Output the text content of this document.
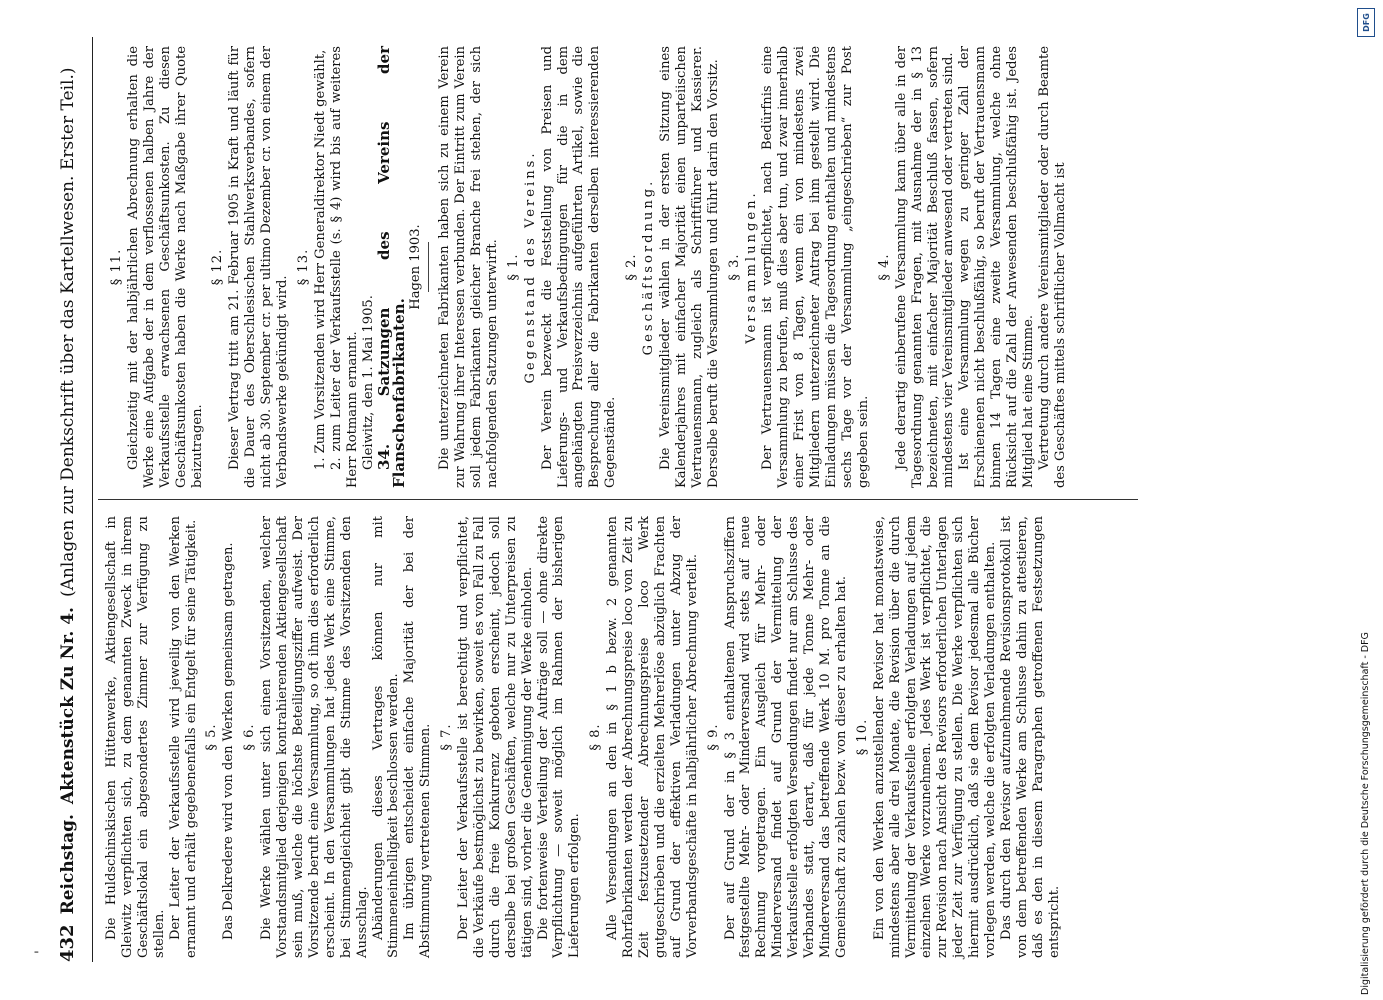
' 432
Reichstag.
Aktenstück Zu Nr. 4.
(Anlagen zur Denkschrift über das Kartellwesen. Erster Teil.)

Die Huldschinskischen Hüttenwerke, Aktiengesellschaft in Gleiwitz verpflichten sich, zu dem genannten Zweck in ihrem Geschäftslokal ein abgesondertes Zimmer zur Verfügung zu stellen. Der Leiter der Verkaufsstelle wird jeweilig von den Werken ernannt und erhält gegebenenfalls ein Entgelt für seine Tätigkeit. § 5. Das Delkredere wird von den Werken gemeinsam getragen. § 6. Die Werke wählen unter sich einen Vorsitzenden, welcher Vorstandsmitglied derjenigen kontrahierenden Aktiengesellschaft sein muß, welche die höchste Beteiligungsziffer aufweist. Der Vorsitzende beruft eine Versammlung, so oft ihm dies erforderlich erscheint. In den Versammlungen hat jedes Werk eine Stimme, bei Stimmengleichheit gibt die Stimme des Vorsitzenden den Ausschlag. Abänderungen dieses Vertrages können nur mit Stimmeneinhelligkeit beschlossen werden. Im übrigen entscheidet einfache Majorität der bei der Abstimmung vertretenen Stimmen. § 7. Der Leiter der Verkaufsstelle ist berechtigt und verpflichtet, die Verkäufe bestmöglichst zu bewirken, soweit es von Fall zu Fall durch die freie Konkurrenz geboten erscheint, jedoch soll derselbe bei großen Geschäften, welche nur zu Unterpreisen zu tätigen sind, vorher die Genehmigung der Werke einholen. Die fortenweise Verteilung der Aufträge soll — ohne direkte Verpflichtung — soweit möglich im Rahmen der bisherigen Lieferungen erfolgen.

§ 8. Alle Versendungen an den in § 1 b bezw. 2 genannten Rohrfabrikanten werden der Abrechnungspreise loco von Zeit zu Zeit festzusetzender Abrechnungspreise loco Werk gutgeschrieben und die erzielten Mehrerlöse abzüglich Frachten auf Grund der effektiven Verladungen unter Abzug der Vorverbandsgeschäfte in halbjährlicher Abrechnung verteilt. § 9. Der auf Grund der in § 3 enthaltenen Anspruchsziffern festgestellte Mehr- oder Minderversand wird stets auf neue Rechnung vorgetragen. Ein Ausgleich für Mehr- oder Minderversand findet auf Grund der Vermittelung der Verkaufsstelle erfolgten Versendungen findet nur am Schlusse des Verbandes statt, derart, daß für jede Tonne Mehr- oder Minderversand das betreffende Werk 10 M. pro Tonne an die Gemeinschaft zu zahlen bezw. von dieser zu erhalten hat. § 10. Ein von den Werken anzustellender Revisor hat monatsweise, mindestens aber alle drei Monate, die Revision über die durch Vermittelung der Verkaufsstelle erfolgten Verladungen auf jedem einzelnen Werke vorzunehmen. Jedes Werk ist verpflichtet, die zur Revision nach Ansicht des Revisors erforderlichen Unterlagen jeder Zeit zur Verfügung zu stellen. Die Werke verpflichten sich hiermit ausdrücklich, daß sie dem Revisor jedesmal alle Bücher vorlegen werden, welche die erfolgten Verladungen enthalten. Das durch den Revisor aufzunehmende Revisionsprotokoll ist von dem betreffenden Werke am Schlusse dahin zu attestieren, daß es den in diesem Paragraphen getroffenen Festsetzungen entspricht.

§ 11. Gleichzeitig mit der halbjährlichen Abrechnung erhalten die Werke eine Aufgabe der in dem verflossenen halben Jahre der Verkaufsstelle erwachsenen Geschäftsunkosten. Zu diesen Geschäftsunkosten haben die Werke nach Maßgabe ihrer Quote beizutragen.

§ 12. Dieser Vertrag tritt am 21. Februar 1905 in Kraft und läuft für die Dauer des Oberschlesischen Stahlwerksverbandes, sofern nicht ab 30. September cr. per ultimo Dezember cr. von einem der Verbandswerke gekündigt wird.

§ 13. 1. Zum Vorsitzenden wird Herr Generaldirektor Niedt gewählt, 2. zum Leiter der Verkaufsstelle (s. § 4) wird bis auf weiteres Herr Rotmann ernannt. Gleiwitz, den 1. Mai 1905.

34. Satzungen des Vereins der Flanschenfabrikanten.

Hagen 1903. Die unterzeichneten Fabrikanten haben sich zu einem Verein zur Wahrung ihrer Interessen verbunden. Der Eintritt zum Verein soll jedem Fabrikanten gleicher Branche frei stehen, der sich nachfolgenden Satzungen unterwirft. § 1. Gegenstand des Vereins. Der Verein bezweckt die Feststellung von Preisen und Lieferungs- und Verkaufsbedingungen für die in dem angehängten Preisverzeichnis aufgeführten Artikel, sowie die Besprechung aller die Fabrikanten derselben interessierenden Gegenstände.

§ 2. Geschäftsordnung. Die Vereinsmitglieder wählen in der ersten Sitzung eines Kalenderjahres mit einfacher Majorität einen unparteiischen Vertrauensmann, zugleich als Schriftführer und Kassierer. Derselbe beruft die Versammlungen und führt darin den Vorsitz. § 3. Versammlungen. Der Vertrauensmann ist verpflichtet, nach Bedürfnis eine Versammlung zu berufen, muß dies aber tun, und zwar innerhalb einer Frist von 8 Tagen, wenn ein von mindestens zwei Mitgliedern unterzeichneter Antrag bei ihm gestellt wird. Die Einladungen müssen die Tagesordnung enthalten und mindestens sechs Tage vor der Versammlung „eingeschrieben“ zur Post gegeben sein.

§ 4. Jede derartig einberufene Versammlung kann über alle in der Tagesordnung genannten Fragen, mit Ausnahme der in § 13 bezeichneten, mit einfacher Majorität Beschluß fassen, sofern mindestens vier Vereinsmitglieder anwesend oder vertreten sind. Ist eine Versammlung wegen zu geringer Zahl der Erschienenen nicht beschlußfähig, so beruft der Vertrauensmann binnen 14 Tagen eine zweite Versammlung, welche ohne Rücksicht auf die Zahl der Anwesenden beschlußfähig ist. Jedes Mitglied hat eine Stimme. Vertretung durch andere Vereinsmitglieder oder durch Beamte des Geschäftes mittels schriftlicher Vollmacht ist

DFG
Digitalisierung gefördert durch die Deutsche Forschungsgemeinschaft - DFG
